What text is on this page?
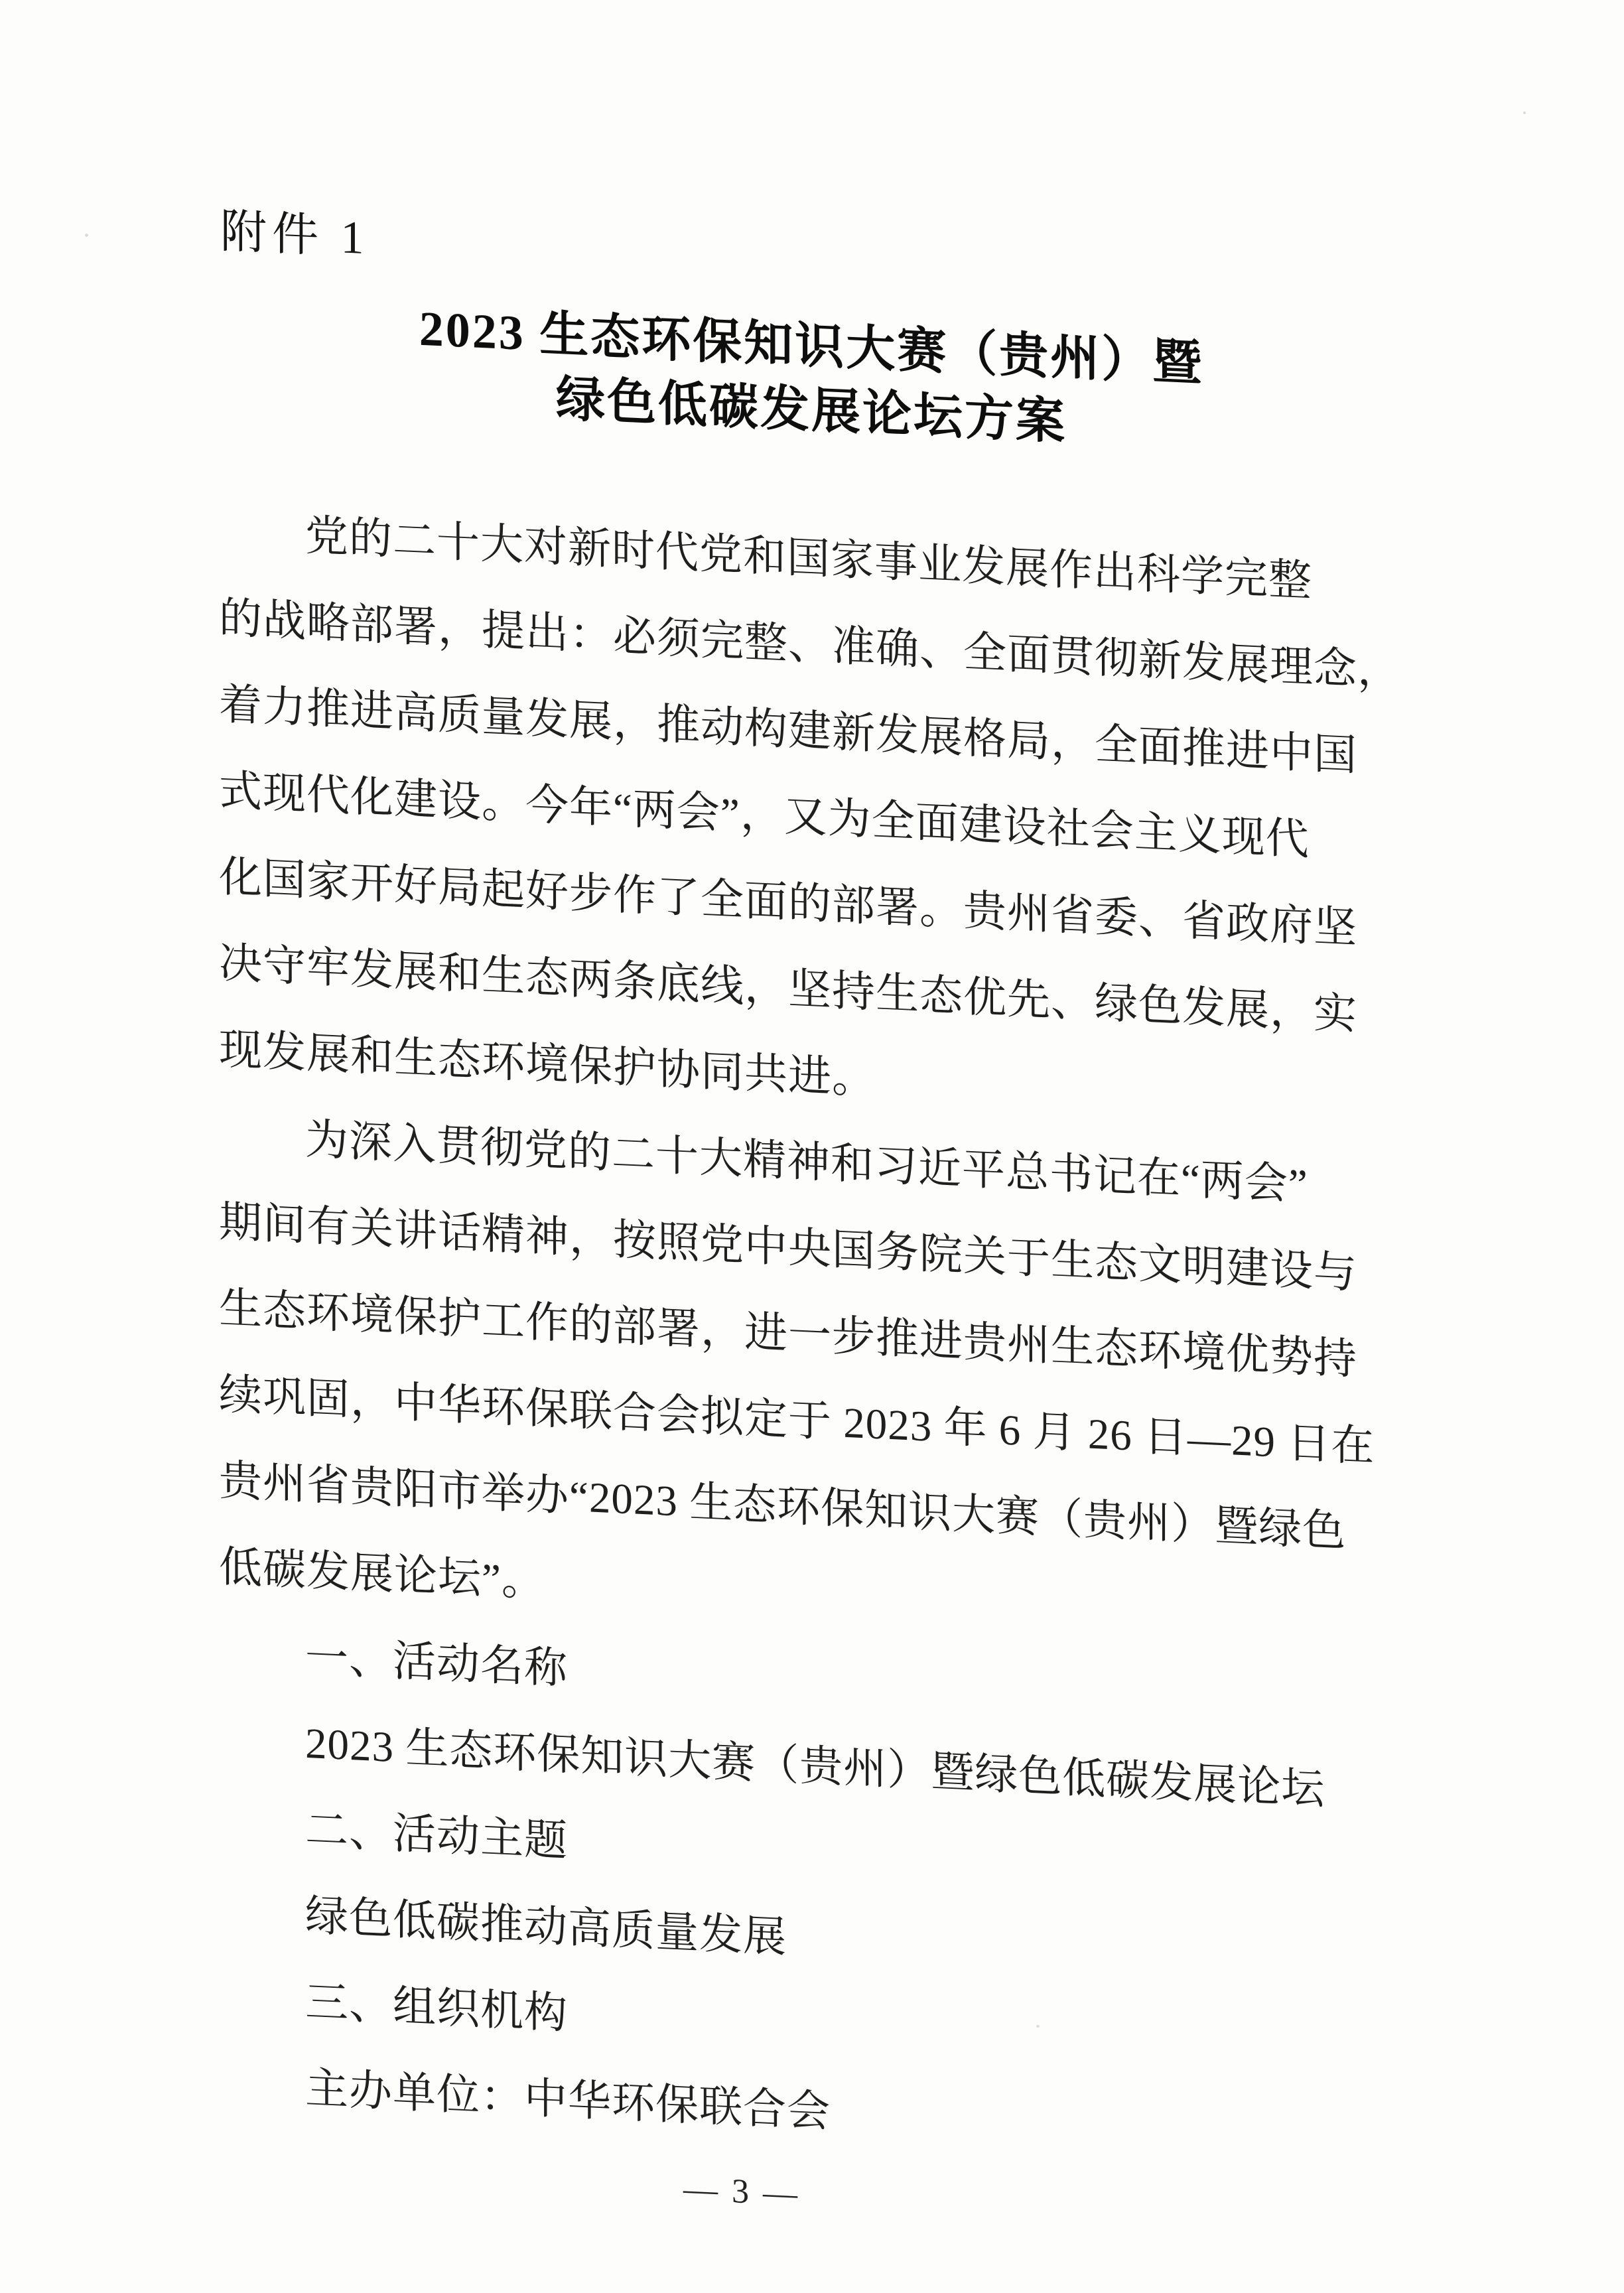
附件 1
2023 生态环保知识大赛（贵州）暨
绿色低碳发展论坛方案
党的二十大对新时代党和国家事业发展作出科学完整
的战略部署，提出：必须完整、准确、全面贯彻新发展理念，
着力推进高质量发展，推动构建新发展格局，全面推进中国
式现代化建设。今年“两会”，又为全面建设社会主义现代
化国家开好局起好步作了全面的部署。贵州省委、省政府坚
决守牢发展和生态两条底线，坚持生态优先、绿色发展，实
现发展和生态环境保护协同共进。
为深入贯彻党的二十大精神和习近平总书记在“两会”
期间有关讲话精神，按照党中央国务院关于生态文明建设与
生态环境保护工作的部署，进一步推进贵州生态环境优势持
续巩固，中华环保联合会拟定于 2023 年 6 月 26 日—29 日在
贵州省贵阳市举办“2023 生态环保知识大赛（贵州）暨绿色
低碳发展论坛”。
一、活动名称
2023 生态环保知识大赛（贵州）暨绿色低碳发展论坛
二、活动主题
绿色低碳推动高质量发展
三、组织机构
主办单位：中华环保联合会
— 3 —
